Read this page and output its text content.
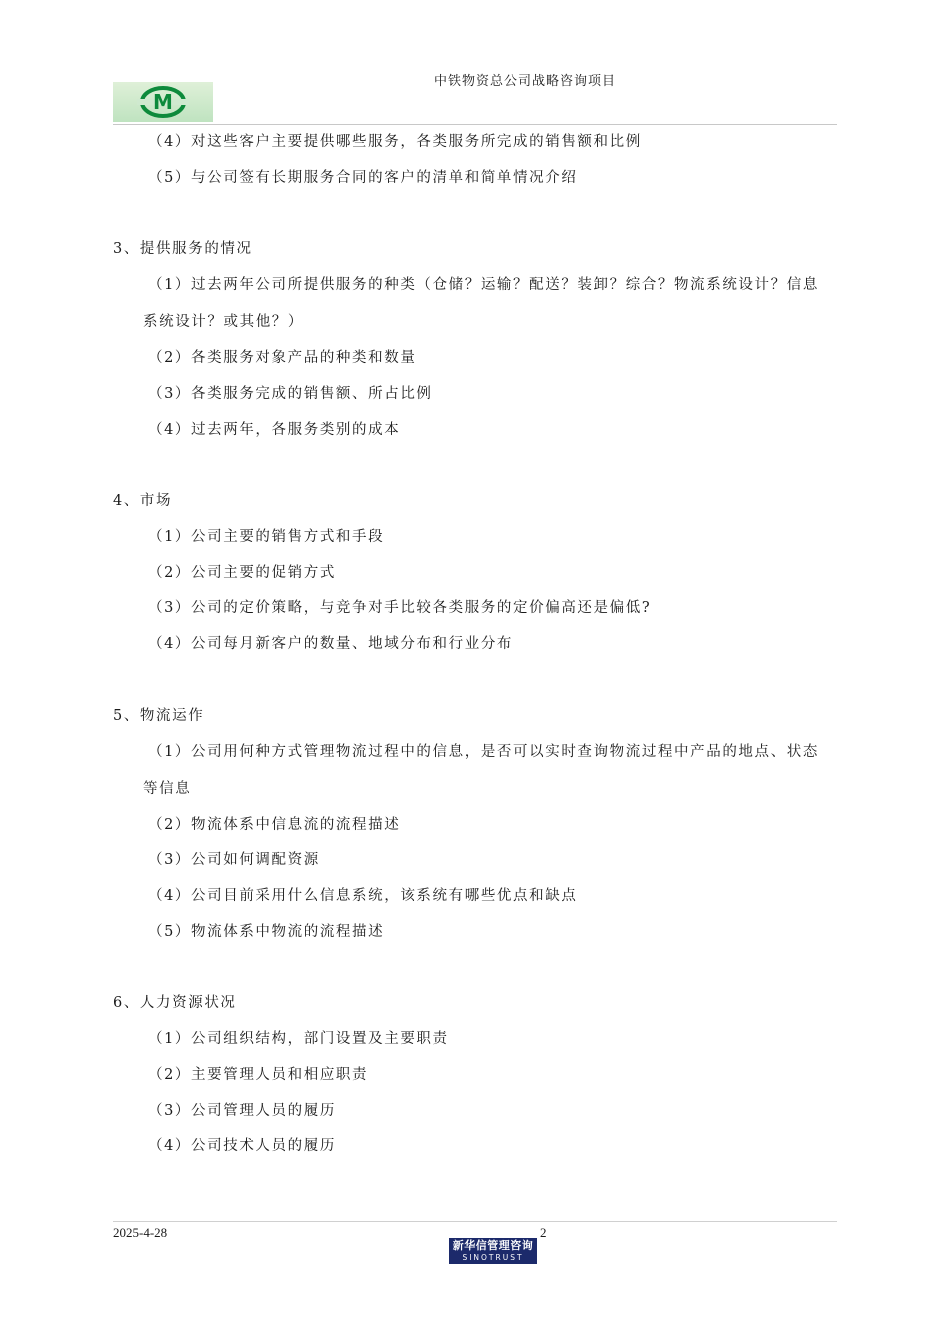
中铁物资总公司战略咨询项目
M
（4）对这些客户主要提供哪些服务，各类服务所完成的销售额和比例
（5）与公司签有长期服务合同的客户的清单和简单情况介绍
3、提供服务的情况
（1）过去两年公司所提供服务的种类（仓储？运输？配送？装卸？综合？物流系统设计？信息
系统设计？或其他？）
（2）各类服务对象产品的种类和数量
（3）各类服务完成的销售额、所占比例
（4）过去两年，各服务类别的成本
4、市场
（1）公司主要的销售方式和手段
（2）公司主要的促销方式
（3）公司的定价策略，与竞争对手比较各类服务的定价偏高还是偏低?
（4）公司每月新客户的数量、地域分布和行业分布
5、物流运作
（1）公司用何种方式管理物流过程中的信息，是否可以实时查询物流过程中产品的地点、状态
等信息
（2）物流体系中信息流的流程描述
（3）公司如何调配资源
（4）公司目前采用什么信息系统，该系统有哪些优点和缺点
（5）物流体系中物流的流程描述
6、人力资源状况
（1）公司组织结构，部门设置及主要职责
（2）主要管理人员和相应职责
（3）公司管理人员的履历
（4）公司技术人员的履历
2025-4-28	2
新华信管理咨询
SINOTRUST
